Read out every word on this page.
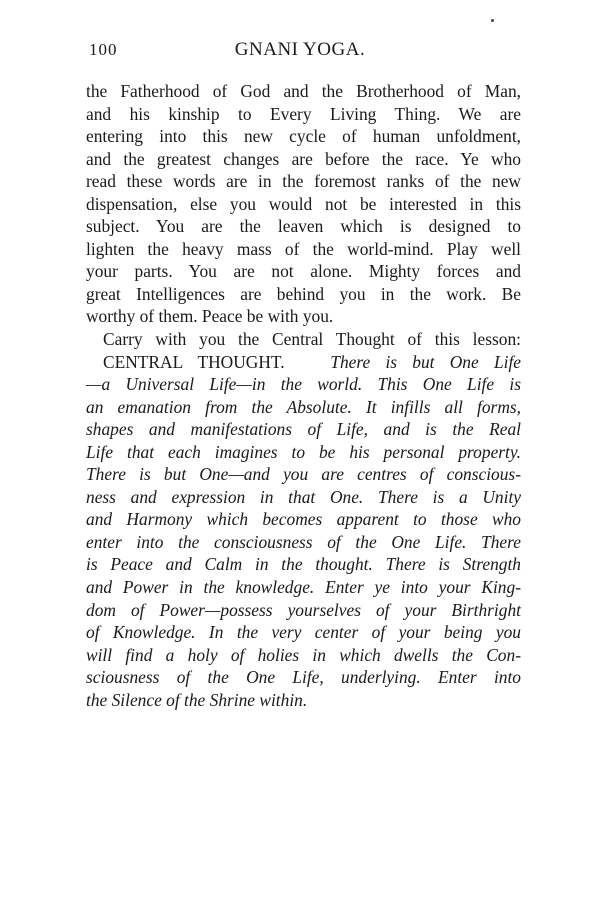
100	GNANI YOGA.
the Fatherhood of God and the Brotherhood of Man,
and his kinship to Every Living Thing. We are
entering into this new cycle of human unfoldment,
and the greatest changes are before the race. Ye who
read these words are in the foremost ranks of the new
dispensation, else you would not be interested in this
subject. You are the leaven which is designed to
lighten the heavy mass of the world-mind. Play well
your parts. You are not alone. Mighty forces and
great Intelligences are behind you in the work. Be
worthy of them. Peace be with you.
Carry with you the Central Thought of this lesson:
CENTRAL THOUGHT.	There is but One Life
—a Universal Life—in the world. This One Life is
an emanation from the Absolute. It infills all forms,
shapes and manifestations of Life, and is the Real
Life that each imagines to be his personal property.
There is but One—and you are centres of conscious-
ness and expression in that One. There is a Unity
and Harmony which becomes apparent to those who
enter into the consciousness of the One Life. There
is Peace and Calm in the thought. There is Strength
and Power in the knowledge. Enter ye into your King-
dom of Power—possess yourselves of your Birthright
of Knowledge. In the very center of your being you
will find a holy of holies in which dwells the Con-
sciousness of the One Life, underlying. Enter into
the Silence of the Shrine within.
